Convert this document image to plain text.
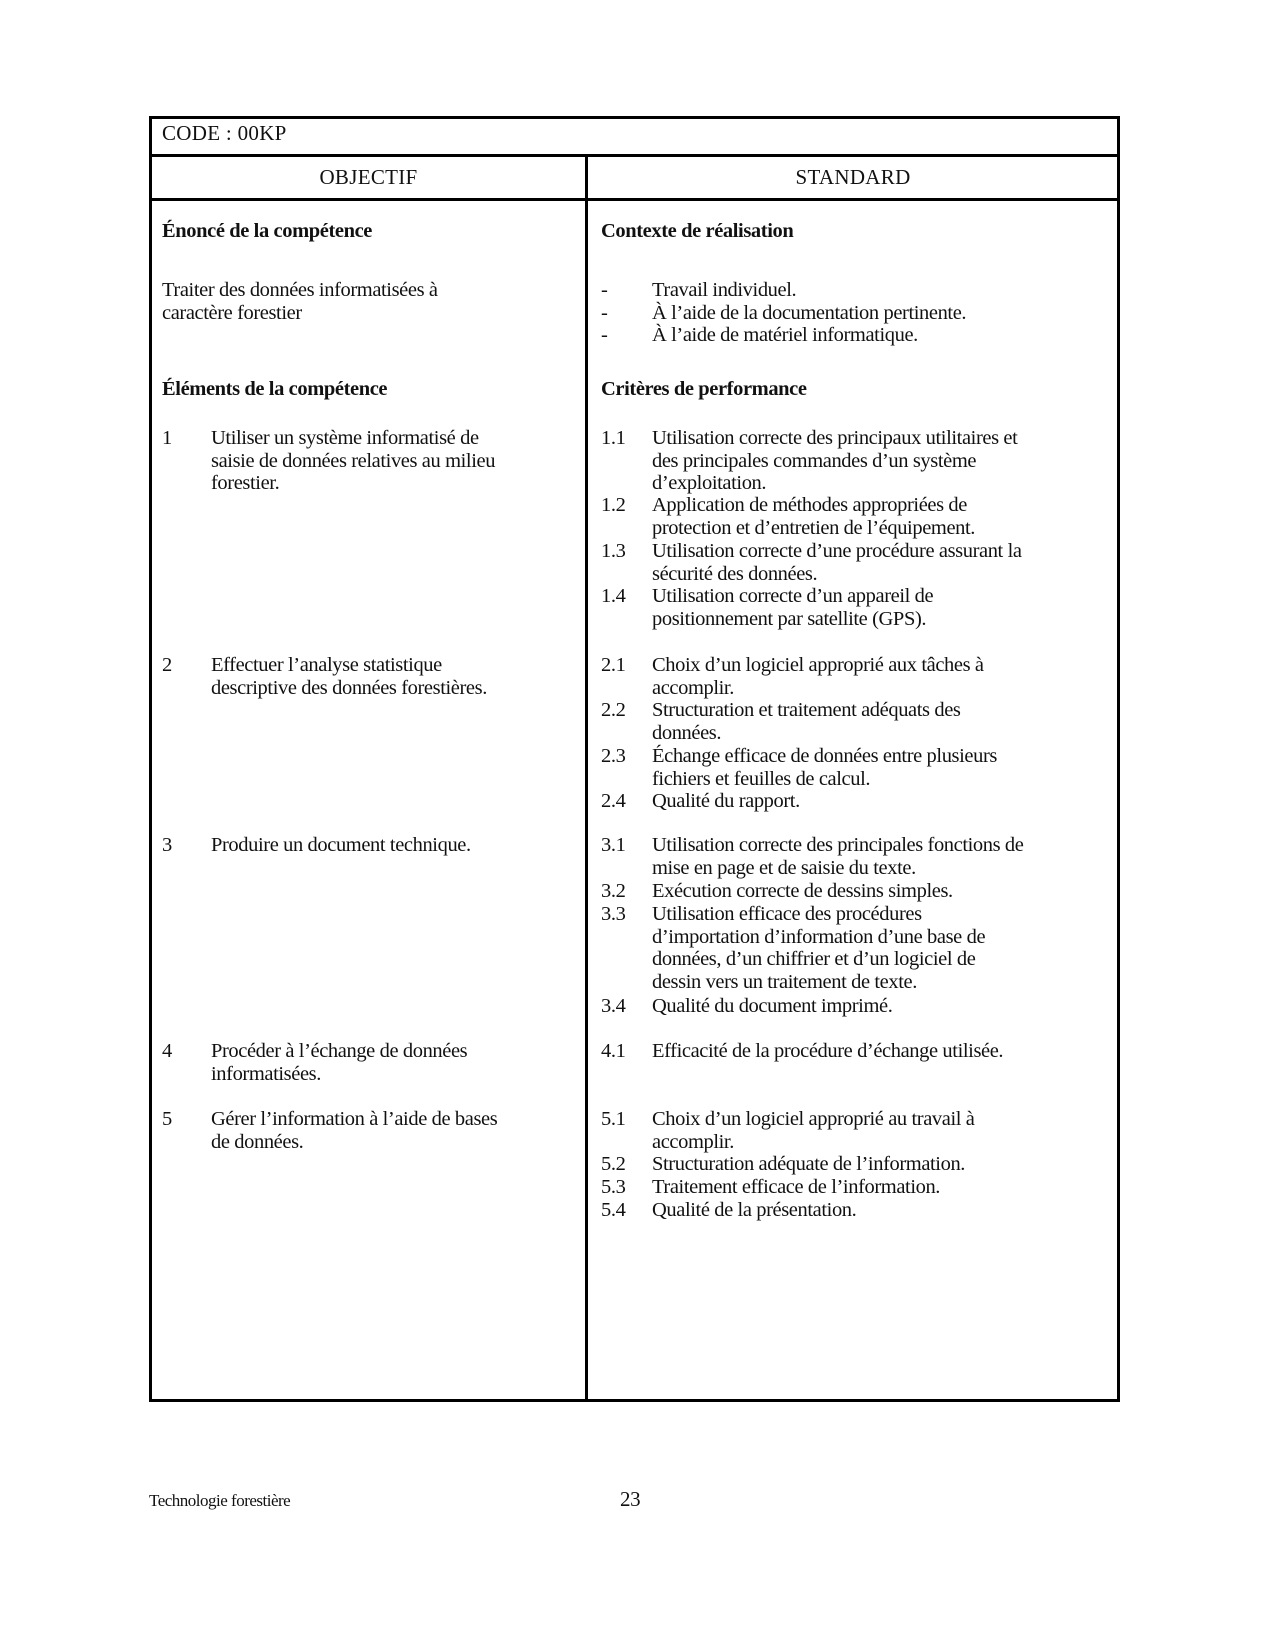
CODE : 00KP
OBJECTIF	STANDARD
Énoncé de la compétence
Traiter des données informatisées à
caractère forestier
Éléments de la compétence
Contexte de réalisation
Critères de performance
Technologie forestière	23
1 Utiliser un système informatisé de
saisie de données relatives au milieu
forestier.
2 Effectuer l’analyse statistique
descriptive des données forestières.
3 Produire un document technique.
4 Procéder à l’échange de données
informatisées.
5 Gérer l’information à l’aide de bases
de données.
1.1 Utilisation correcte des principaux utilitaires et
des principales commandes d’un système
d’exploitation.
1.2 Application de méthodes appropriées de
protection et d’entretien de l’équipement.
1.3 Utilisation correcte d’une procédure assurant la
sécurité des données.
1.4 Utilisation correcte d’un appareil de
positionnement par satellite (GPS).
2.1 Choix d’un logiciel approprié aux tâches à
accomplir.
2.2 Structuration et traitement adéquats des
données.
2.3 Échange efficace de données entre plusieurs
fichiers et feuilles de calcul.
2.4 Qualité du rapport.
3.1 Utilisation correcte des principales fonctions de
mise en page et de saisie du texte.
3.2 Exécution correcte de dessins simples.
3.3 Utilisation efficace des procédures
d’importation d’information d’une base de
données, d’un chiffrier et d’un logiciel de
dessin vers un traitement de texte.
3.4 Qualité du document imprimé.
4.1 Efficacité de la procédure d’échange utilisée.
5.1 Choix d’un logiciel approprié au travail à
accomplir.
5.2 Structuration adéquate de l’information.
5.3 Traitement efficace de l’information.
5.4 Qualité de la présentation.
- Travail individuel.
- À l’aide de la documentation pertinente.
- À l’aide de matériel informatique.
